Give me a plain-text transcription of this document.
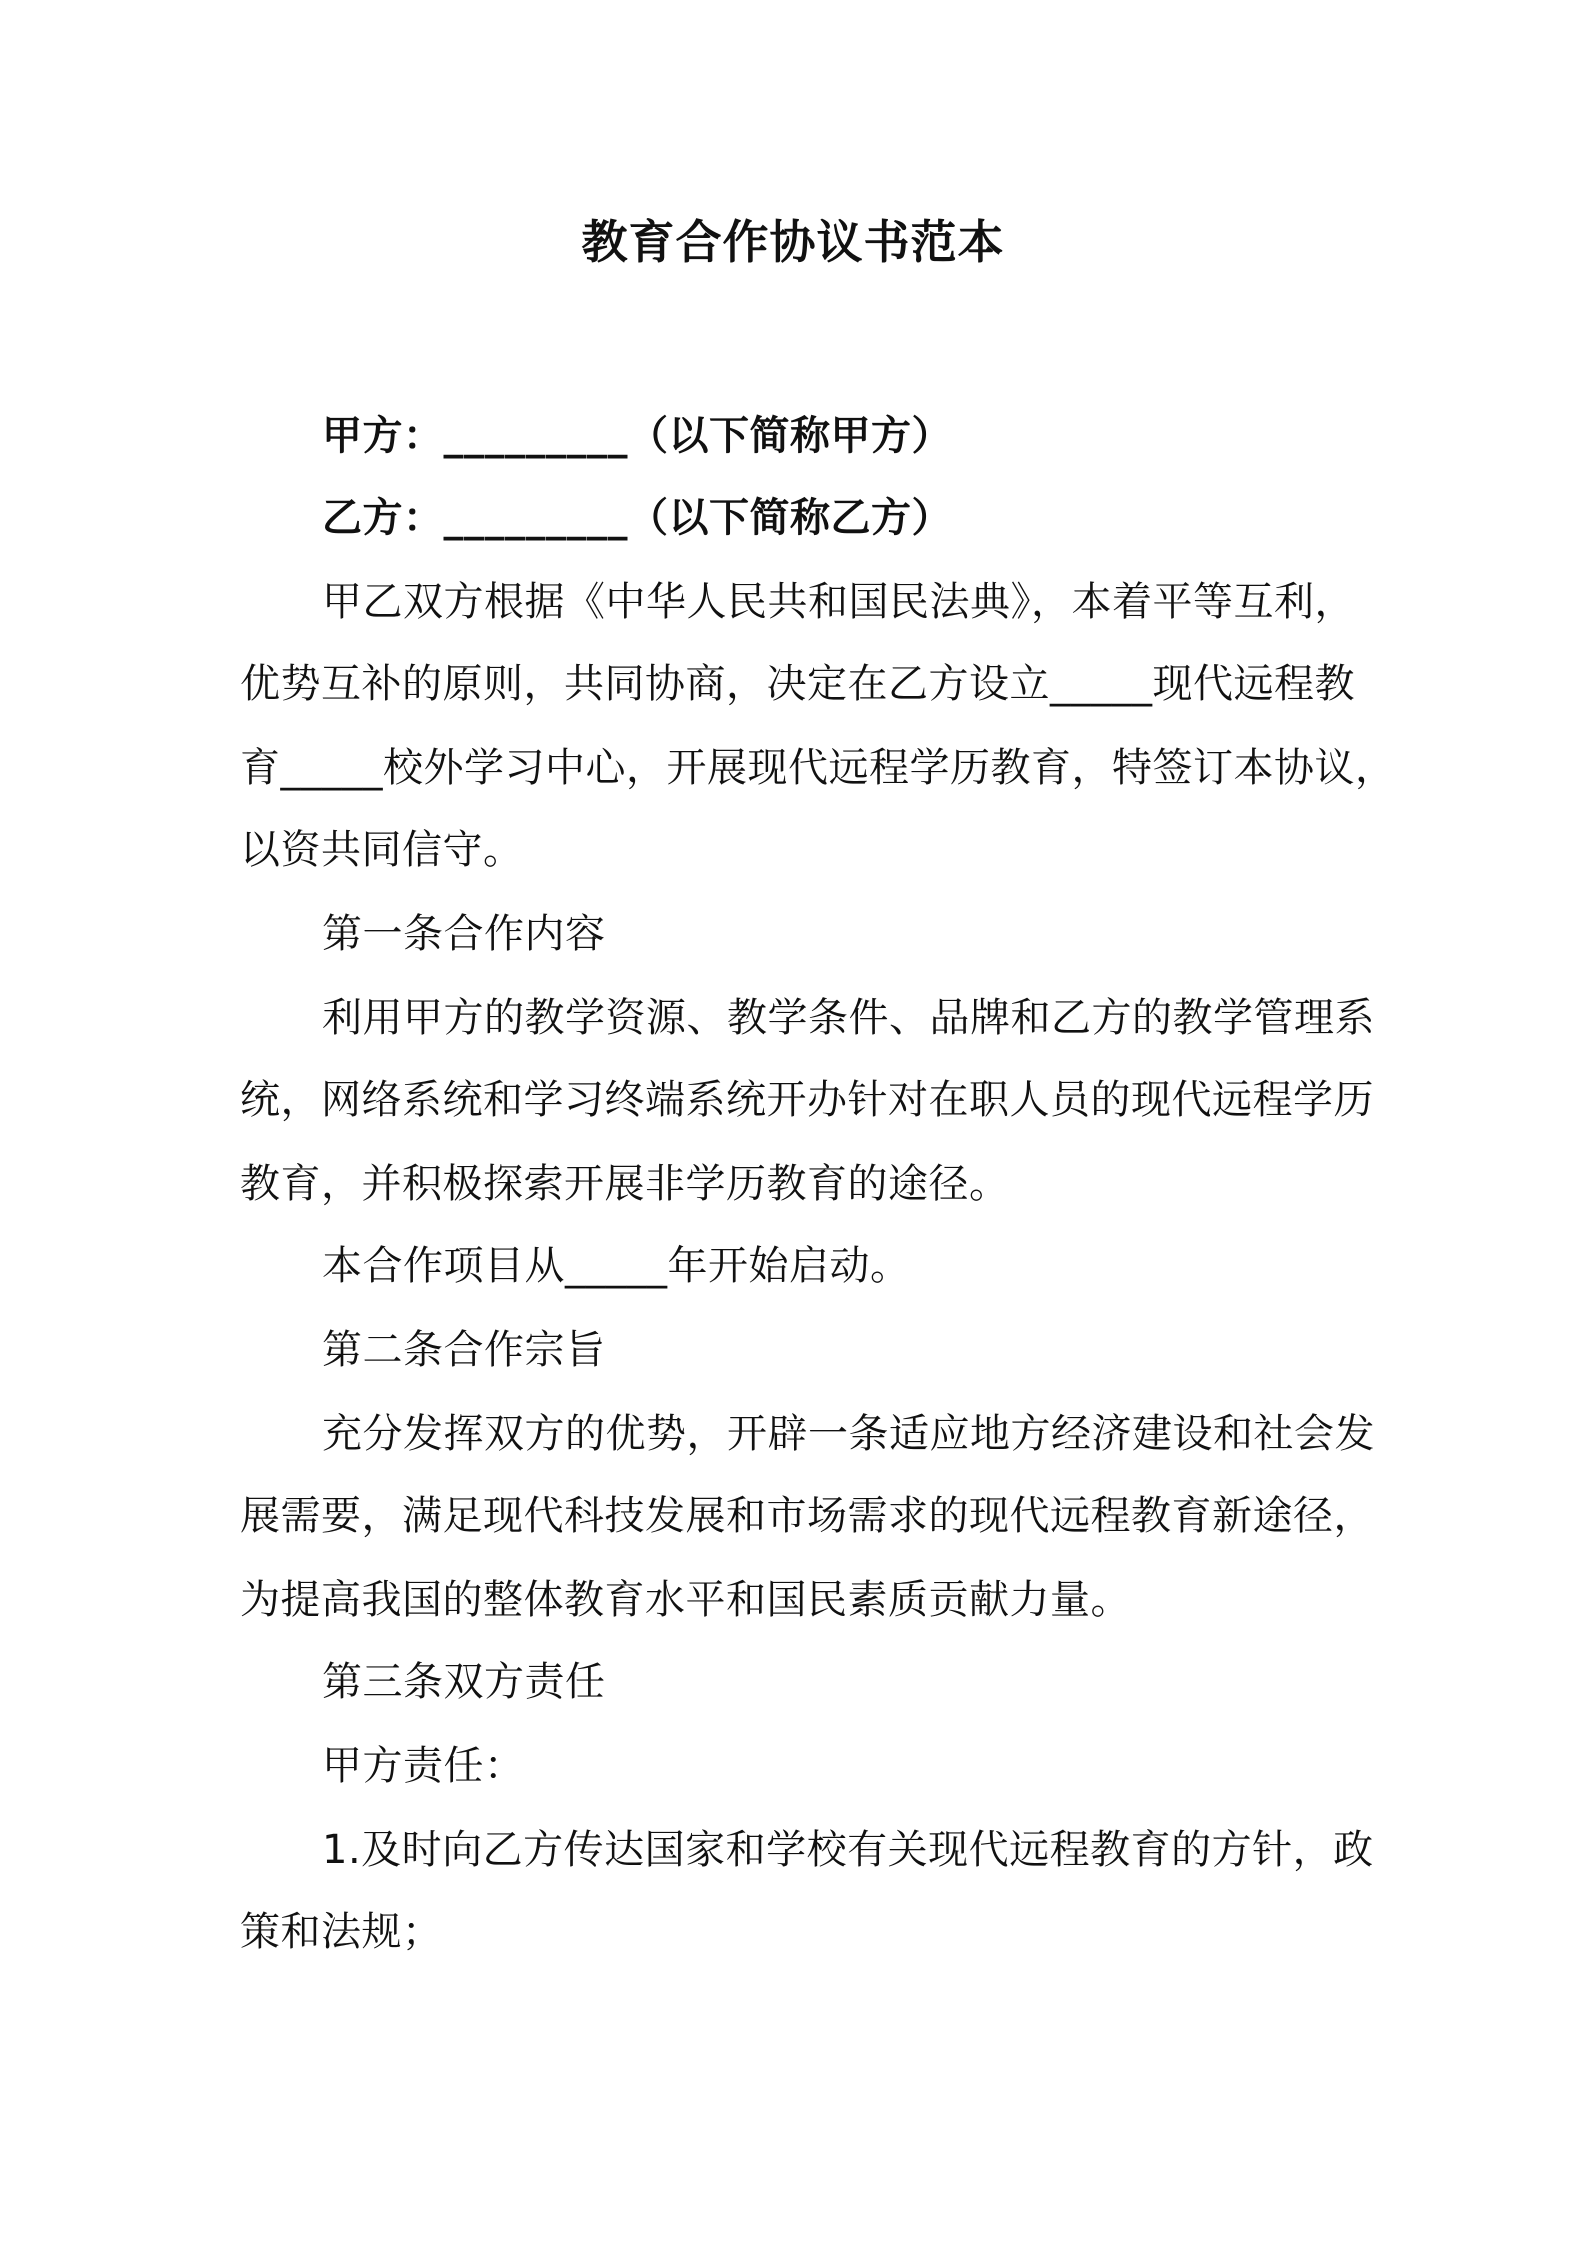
教育合作协议书范本
甲方：_________（以下简称甲方）
乙方：_________（以下简称乙方）
甲乙双方根据《中华人民共和国民法典》，本着平等互利，
优势互补的原则，共同协商，决定在乙方设立_____现代远程教
育_____校外学习中心，开展现代远程学历教育，特签订本协议，
以资共同信守。
第一条合作内容
利用甲方的教学资源、教学条件、品牌和乙方的教学管理系
统，网络系统和学习终端系统开办针对在职人员的现代远程学历
教育，并积极探索开展非学历教育的途径。
本合作项目从_____年开始启动。
第二条合作宗旨
充分发挥双方的优势，开辟一条适应地方经济建设和社会发
展需要，满足现代科技发展和市场需求的现代远程教育新途径，
为提高我国的整体教育水平和国民素质贡献力量。
第三条双方责任
甲方责任：
1.及时向乙方传达国家和学校有关现代远程教育的方针，政
策和法规；
